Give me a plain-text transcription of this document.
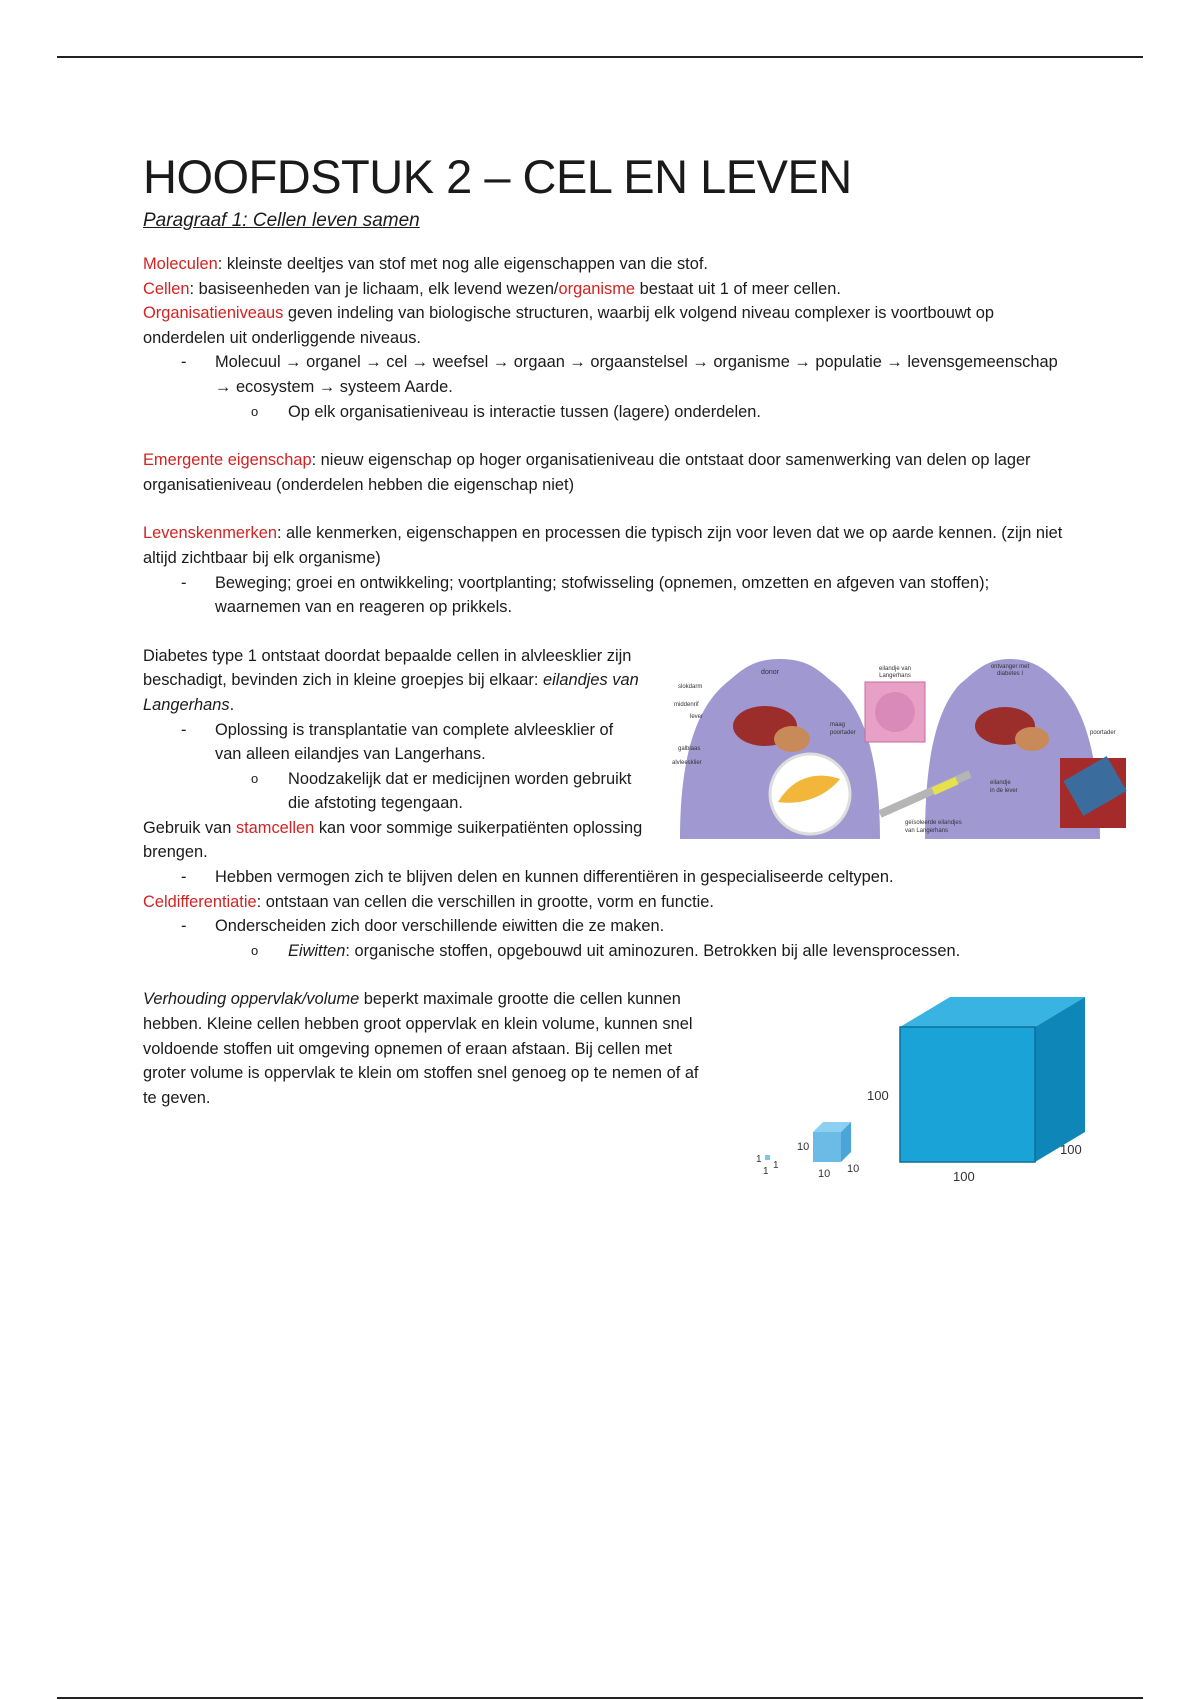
HOOFDSTUK 2 – CEL EN LEVEN
Paragraaf 1: Cellen leven samen

Moleculen: kleinste deeltjes van stof met nog alle eigenschappen van die stof.

Cellen: basiseenheden van je lichaam, elk levend wezen/organisme bestaat uit 1 of meer cellen.

Organisatieniveaus geven indeling van biologische structuren, waarbij elk volgend niveau complexer is voortbouwt op onderdelen uit onderliggende niveaus.

- Molecuul → organel → cel → weefsel → orgaan → orgaanstelsel → organisme → populatie → levensgemeenschap → ecosystem → systeem Aarde.
o Op elk organisatieniveau is interactie tussen (lagere) onderdelen.

Emergente eigenschap: nieuw eigenschap op hoger organisatieniveau die ontstaat door samenwerking van delen op lager organisatieniveau (onderdelen hebben die eigenschap niet)

Levenskenmerken: alle kenmerken, eigenschappen en processen die typisch zijn voor leven dat we op aarde kennen. (zijn niet altijd zichtbaar bij elk organisme)

- Beweging; groei en ontwikkeling; voortplanting; stofwisseling (opnemen, omzetten en afgeven van stoffen); waarnemen van en reageren op prikkels.

Diabetes type 1 ontstaat doordat bepaalde cellen in alvleesklier zijn beschadigt, bevinden zich in kleine groepjes bij elkaar: eilandjes van Langerhans.

- Oplossing is transplantatie van complete alvleesklier of van alleen eilandjes van Langerhans.
o Noodzakelijk dat er medicijnen worden gebruikt die afstoting tegengaan.

Gebruik van stamcellen kan voor sommige suikerpatiënten oplossing brengen.

- Hebben vermogen zich te blijven delen en kunnen differentiëren in gespecialiseerde celtypen.

Celdifferentiatie: ontstaan van cellen die verschillen in grootte, vorm en functie.

- Onderscheiden zich door verschillende eiwitten die ze maken.
o Eiwitten: organische stoffen, opgebouwd uit aminozuren. Betrokken bij alle levensprocessen.

Verhouding oppervlak/volume beperkt maximale grootte die cellen kunnen hebben. Kleine cellen hebben groot oppervlak en klein volume, kunnen snel voldoende stoffen uit omgeving opnemen of eraan afstaan. Bij cellen met groter volume is oppervlak te klein om stoffen snel genoeg op te nemen of af te geven.

donor
slokdarm
middenrif
lever
galblaas
alvleesklier
eilandje van
Langerhans
maag
poortader
ontvanger met
diabetes I
poortader
eilandje
in de lever
geïsoleerde eilandjes
van Langerhans
1
1
1
10
10 10
100
100
100
